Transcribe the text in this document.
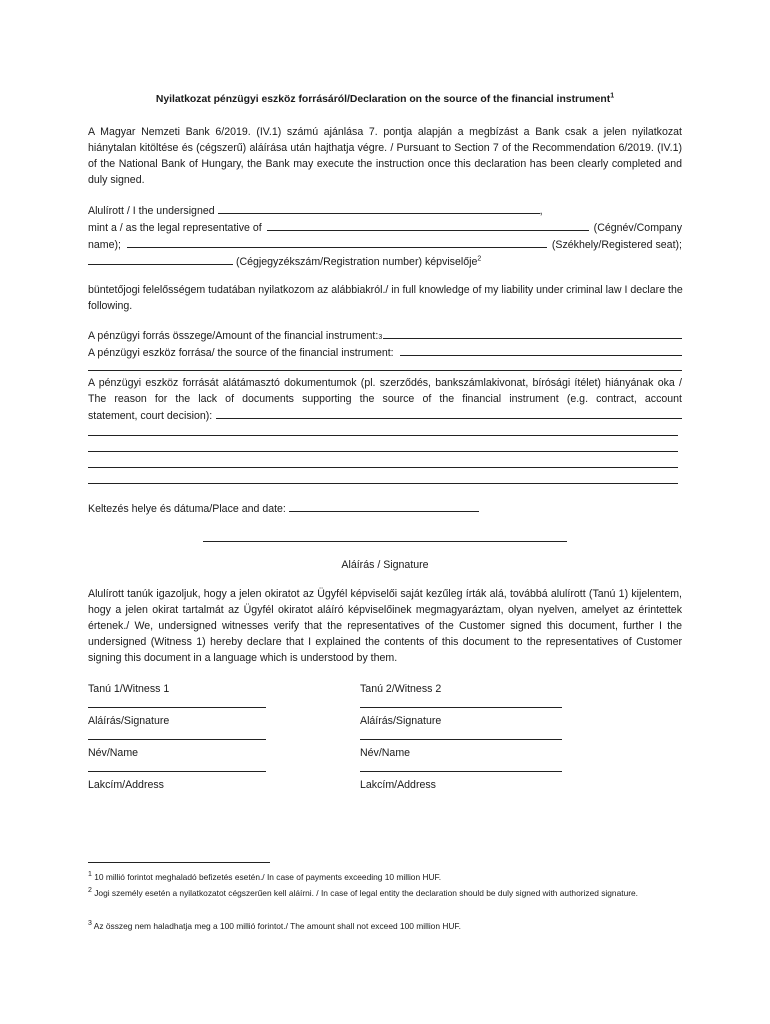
Nyilatkozat pénzügyi eszköz forrásáról/Declaration on the source of the financial instrument$^1$
A Magyar Nemzeti Bank 6/2019. (IV.1) számú ajánlása 7. pontja alapján a megbízást a Bank csak a jelen nyilatkozat hiánytalan kitöltése és (cégszerű) aláírása után hajthatja végre. / Pursuant to Section 7 of the Recommendation 6/2019. (IV.1) of the National Bank of Hungary, the Bank may execute the instruction once this declaration has been clearly completed and duly signed.
Alulírott / I the undersigned	,
mint a / as the legal representative of	(Cégnév/Company
name);	(Székhely/Registered seat);
(Cégjegyzékszám/Registration number) képviselője$^2$
büntetőjogi felelősségem tudatában nyilatkozom az alábbiakról./ in full knowledge of my liability under criminal law I declare the following.
A pénzügyi forrás összege/Amount of the financial instrument: 3
A pénzügyi eszköz forrása/ the source of the financial instrument:
A pénzügyi eszköz forrását alátámasztó dokumentumok (pl. szerződés, bankszámlakivonat, bírósági ítélet) hiányának oka / The reason for the lack of documents supporting the source of the financial instrument (e.g. contract, account
statement, court decision):
Keltezés helye és dátuma/Place and date:
Aláírás / Signature
Alulírott tanúk igazoljuk, hogy a jelen okiratot az Ügyfél képviselői saját kezűleg írták alá, továbbá alulírott (Tanú 1) kijelentem, hogy a jelen okirat tartalmát az Ügyfél okiratot aláíró képviselőinek megmagyaráztam, olyan nyelven, amelyet az érintettek értenek./ We, undersigned witnesses verify that the representatives of the Customer signed this document, further I the undersigned (Witness 1) hereby declare that I explained the contents of this document to the representatives of Customer signing this document in a language which is understood by them.
Tanú 1/Witness 1
Aláírás/Signature
Név/Name
Lakcím/Address
Tanú 2/Witness 2
Aláírás/Signature
Név/Name
Lakcím/Address
$^1$ 10 millió forintot meghaladó befizetés esetén./ In case of payments exceeding 10 million HUF.
$^2$ Jogi személy esetén a nyilatkozatot cégszerűen kell aláírni. / In case of legal entity the declaration should be duly signed with authorized signature.
$^3$ Az összeg nem haladhatja meg a 100 millió forintot./ The amount shall not exceed 100 million HUF.
